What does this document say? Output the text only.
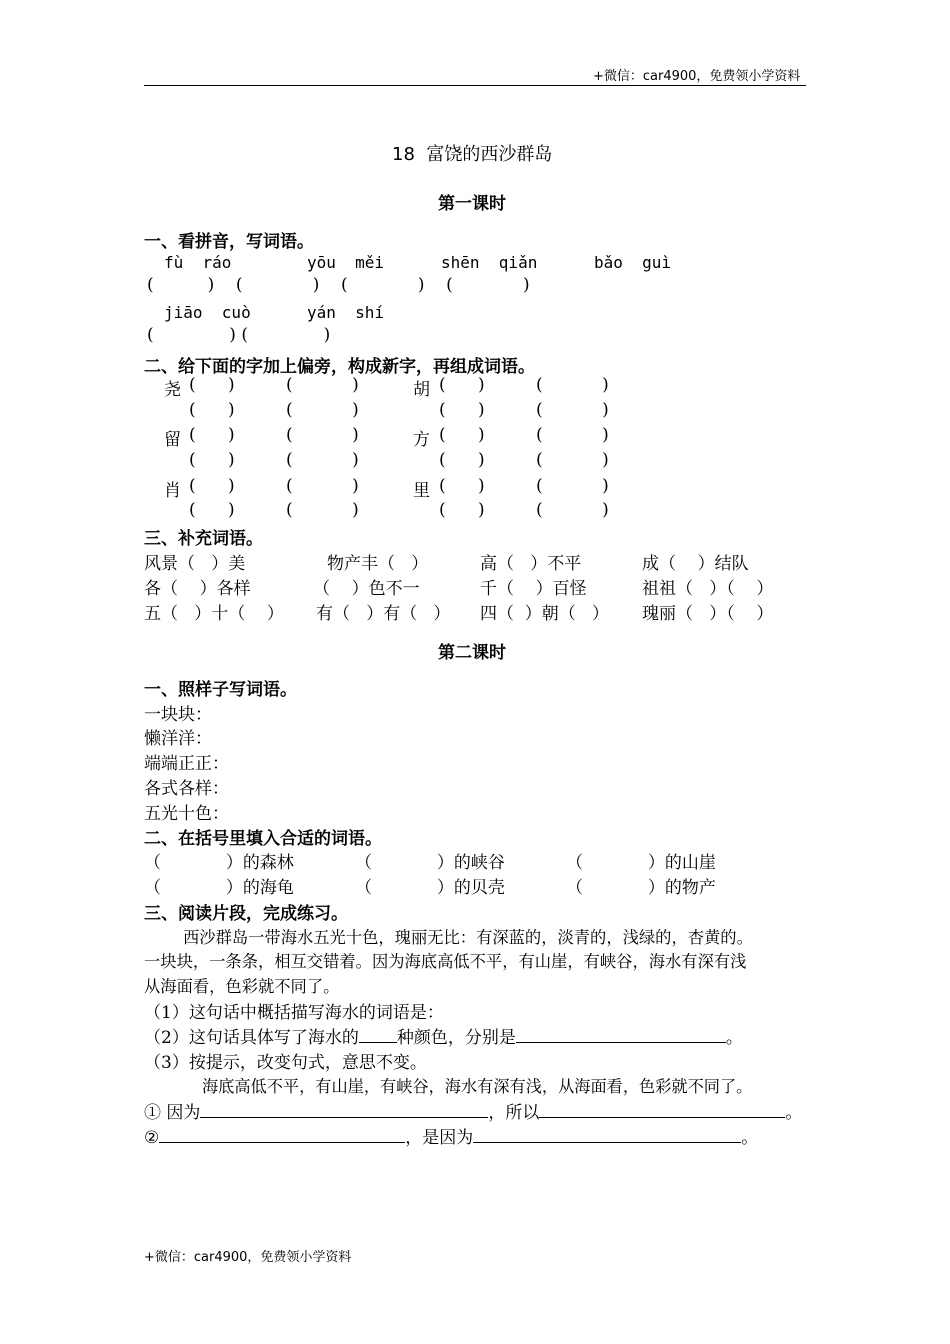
+微信：car4900，免费领小学资料
18  富饶的西沙群岛
第一课时
一、看拼音，写词语。
fù  ráo	yōu  měi	shēn  qiǎn	bǎo  guì
(          )    (             )    (             )    (             )
jiāo  cuò	yán  shí
(              ) (              )
二、给下面的字加上偏旁，构成新字，再组成词语。
尧 (      )	(           )	胡 (      )	(           )
(      )	(           )	(      )	(           )
留 (      )	(           )	方 (      )	(           )
(      )	(           )	(      )	(           )
肖 (      )	(           )	里 (      )	(           )
(      )	(           )	(      )	(           )
三、补充词语。
风景（   ）美	物产丰（   ）	高（   ）不平	成（    ）结队
各（    ）各样	（    ）色不一	千（    ）百怪	祖祖（   ）（    ）
五（   ）十（    ） 有（   ）有（   ） 四（  ）朝（   ） 瑰丽（   ）（    ）
第二课时
一、照样子写词语。
一块块：
懒洋洋：
端端正正：
各式各样：
五光十色：
二、在括号里填入合适的词语。
（            ）的森林	（            ）的峡谷	（            ）的山崖
（            ）的海龟	（            ）的贝壳	（            ）的物产
三、阅读片段，完成练习。
西沙群岛一带海水五光十色，瑰丽无比：有深蓝的，淡青的，浅绿的，杏黄的。
一块块，一条条，相互交错着。因为海底高低不平，有山崖，有峡谷，海水有深有浅
从海面看，色彩就不同了。
（1）这句话中概括描写海水的词语是：
（2）这句话具体写了海水的 种颜色，分别是	。
（3）按提示，改变句式，意思不变。
海底高低不平，有山崖，有峡谷，海水有深有浅，从海面看，色彩就不同了。
① 因为	，所以	。
②	，是因为	。
+微信：car4900，免费领小学资料
